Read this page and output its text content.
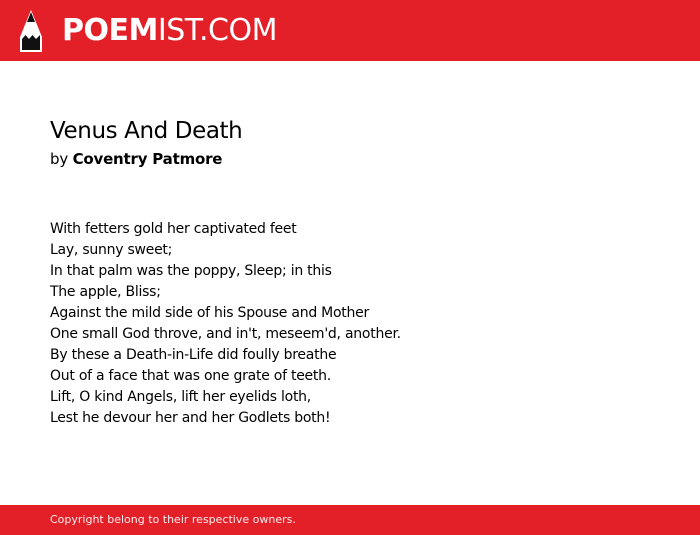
POEMIST.COM
Venus And Death
by Coventry Patmore
With fetters gold her captivated feet
Lay, sunny sweet;
In that palm was the poppy, Sleep; in this
The apple, Bliss;
Against the mild side of his Spouse and Mother
One small God throve, and in't, meseem'd, another.
By these a Death-in-Life did foully breathe
Out of a face that was one grate of teeth.
Lift, O kind Angels, lift her eyelids loth,
Lest he devour her and her Godlets both!
Copyright belong to their respective owners.
